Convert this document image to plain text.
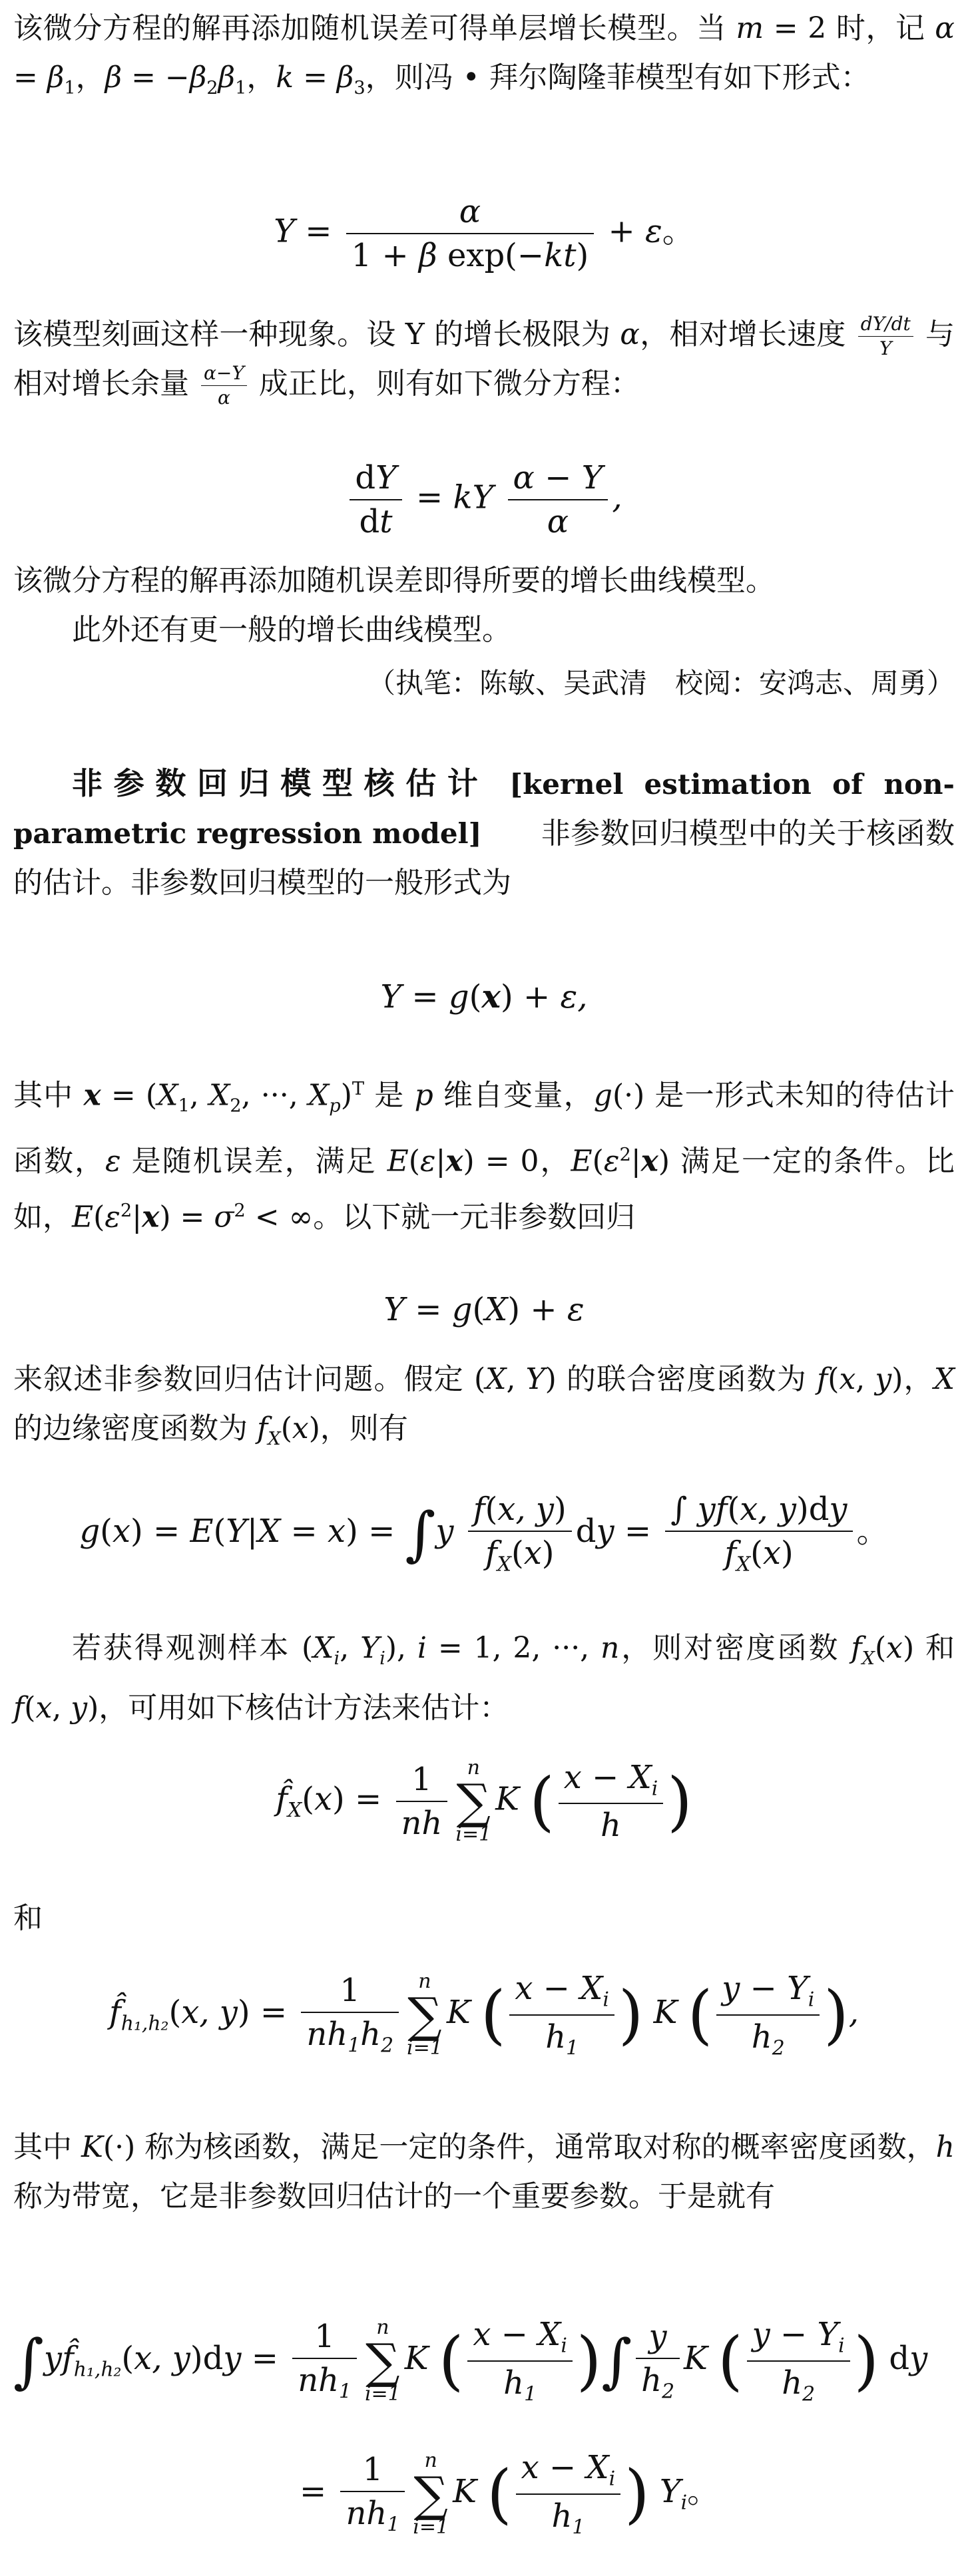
该微分方程的解再添加随机误差可得单层增长模型。当 m = 2 时，记 $\alpha = \beta_1$，$\beta = -\beta_2\beta_1$，$k = \beta_3$，则冯 • 拜尔陶隆菲模型有如下形式：

$Y = \frac{\alpha}{\text{1 + β exp(−kt)}} + \varepsilon$。

该模型刻画这样一种现象。设 Y 的增长极限为 α，相对增长速度 $\frac{dY/dt}{Y}$ 与相对增长余量 $\frac{\alpha-Y}{\alpha}$ 成正比，则有如下微分方程：

$\frac{dY}{dt}$ = kY $\frac{\alpha - Y}{\alpha}$ ,

该微分方程的解再添加随机误差即得所要的增长曲线模型。

此外还有更一般的增长曲线模型。

（执笔：陈敏、吴武清　校阅：安鸿志、周勇）

非参数回归模型核估计 [kernel estimation of non-parametric regression model]　　 非参数回归模型中的关于核函数的估计。非参数回归模型的一般形式为

Y = g(x) + ε,

其中 $x = (X_1$, $X_2$, ···, $X_p)^T$ 是 p 维自变量，g(·) 是一形式未知的待估计函数，ε 是随机误差，满足 E(ε|x) = 0，$E(\varepsilon^2|x)$ 满足一定的条件。比如，$E(\varepsilon^2|x) = \sigma^2$ < ∞。以下就一元非参数回归

Y = g(X) + ε

来叙述非参数回归估计问题。假定 (X, Y) 的联合密度函数为 f(x, y)，X 的边缘密度函数为 $f_X(x)$，则有

$g(x) = E(Y|X = x) = \int y \frac{f(x, y)}{f_X(x)}$ dy = $\frac{\int yf(x, y)dy}{f_X(x)}$ 。

若获得观测样本 ($X_i$, $Y_i$), i = 1, 2, ···, n，则对密度函数 $f_X(x)$ 和 f(x, y)，可用如下核估计方法来估计：

$f̂_X(x) = \frac{1}{nh}$ n
∑
i=1
K ( $\frac{x - X_i}{h}$ )

和

$f̂_{h_1,h_2}(x$, $y) = \frac{1}{nh_1h_2}$ n
∑
i=1
K ( $\frac{x - X_i}{h_1}$ ) K ( $\frac{y - Y_i}{h_2}$ ),

其中 K(·) 称为核函数，满足一定的条件，通常取对称的概率密度函数，h 称为带宽，它是非参数回归估计的一个重要参数。于是就有

$\int yf̂_{h_1,h_2}(x$, $y)dy = \frac{1}{nh_1}$ n
∑
i=1
K ( $\frac{x - X_i}{h_1}$ )∫ $\frac{y}{h_2}$ K ( $\frac{y - Y_i}{h_2}$ ) dy
= $\frac{1}{nh_1}$ n
∑
i=1
K ( $\frac{x - X_i}{h_1}$ ) $Y_i$。
